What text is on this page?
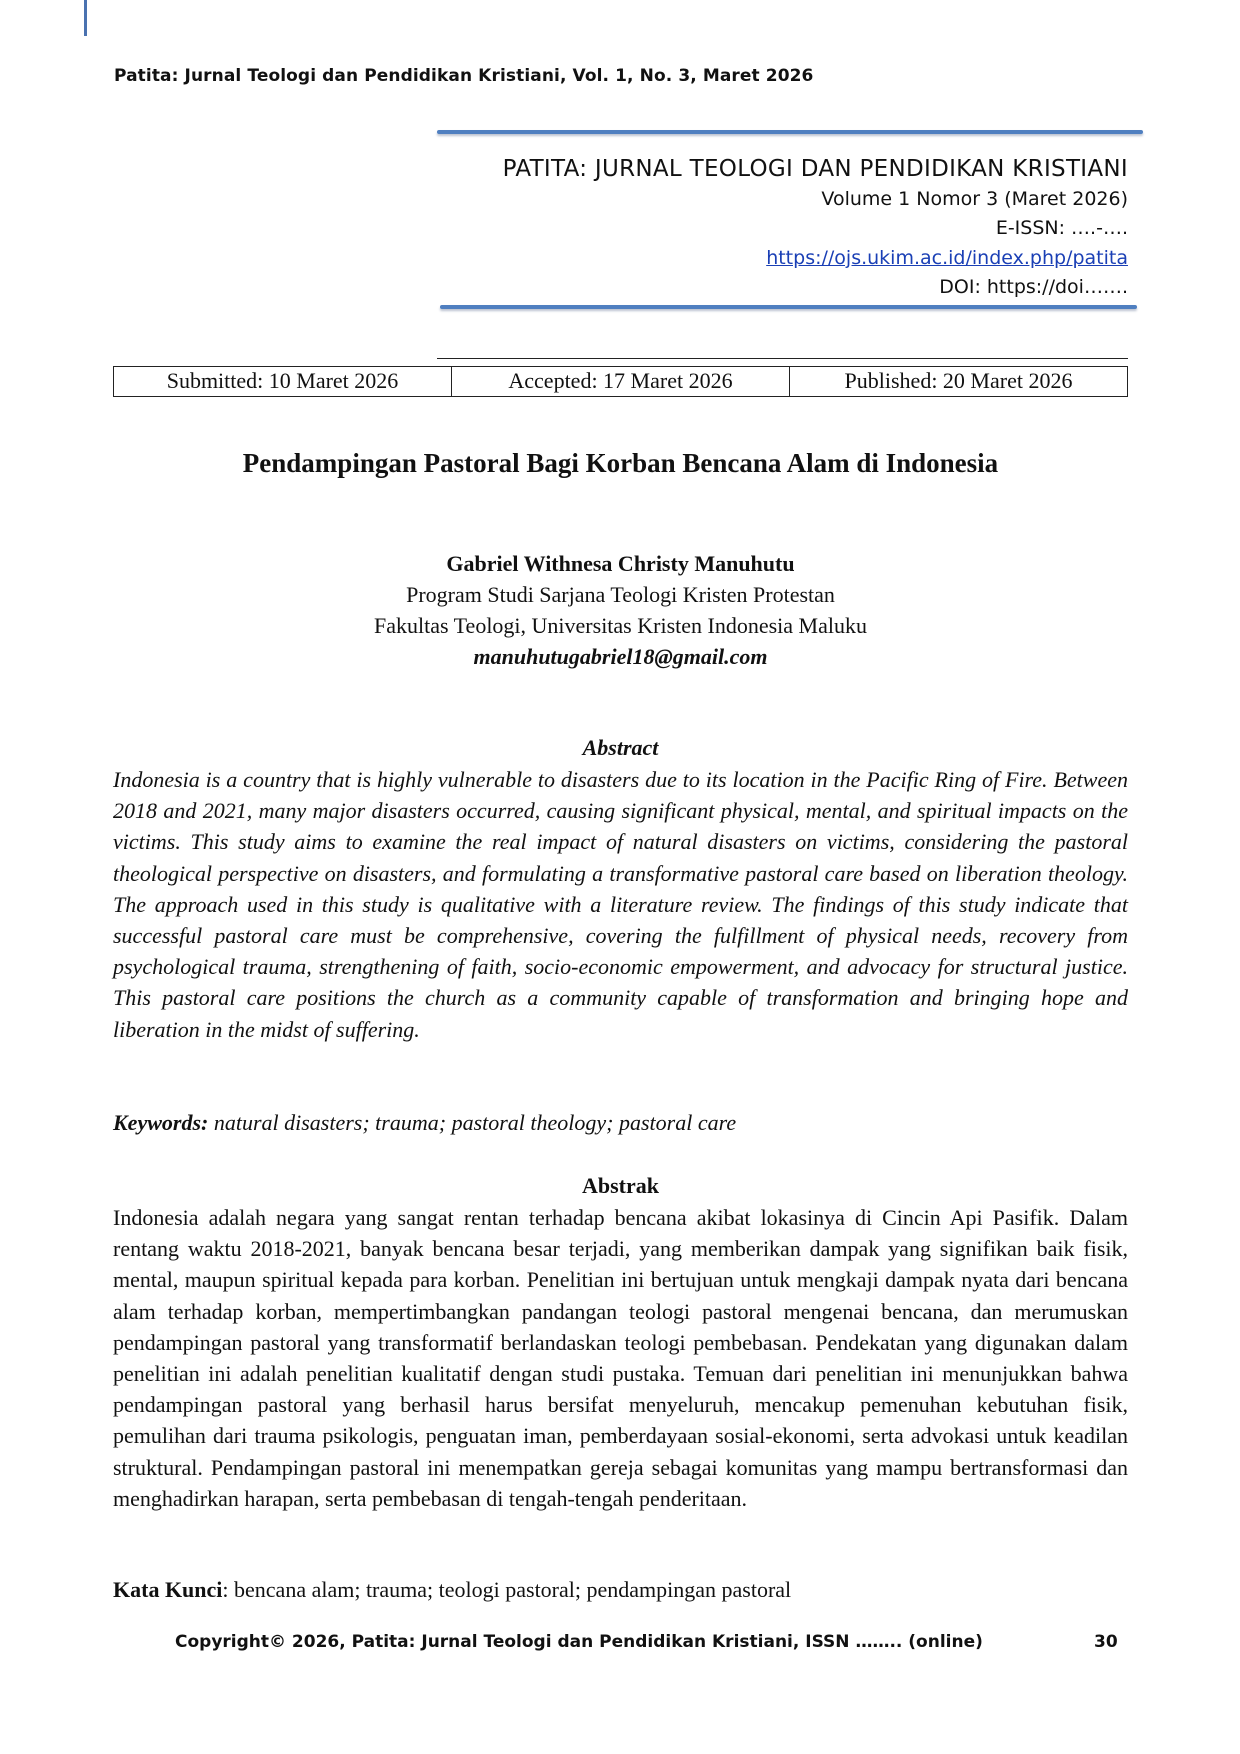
Patita: Jurnal Teologi dan Pendidikan Kristiani, Vol. 1, No. 3, Maret 2026
PATITA: JURNAL TEOLOGI DAN PENDIDIKAN KRISTIANI
Volume 1 Nomor 3 (Maret 2026)
E-ISSN: ….-….
https://ojs.ukim.ac.id/index.php/patita
DOI: https://doi…….
Submitted: 10 Maret 2026	Accepted: 17 Maret 2026	Published: 20 Maret 2026
Pendampingan Pastoral Bagi Korban Bencana Alam di Indonesia
Gabriel Withnesa Christy Manuhutu
Program Studi Sarjana Teologi Kristen Protestan
Fakultas Teologi, Universitas Kristen Indonesia Maluku
manuhutugabriel18@gmail.com
Abstract
Indonesia is a country that is highly vulnerable to disasters due to its location in the Pacific Ring of Fire. Between 2018 and 2021, many major disasters occurred, causing significant physical, mental, and spiritual impacts on the victims. This study aims to examine the real impact of natural disasters on victims, considering the pastoral theological perspective on disasters, and formulating a transformative pastoral care based on liberation theology. The approach used in this study is qualitative with a literature review. The findings of this study indicate that successful pastoral care must be comprehensive, covering the fulfillment of physical needs, recovery from psychological trauma, strengthening of faith, socio-economic empowerment, and advocacy for structural justice. This pastoral care positions the church as a community capable of transformation and bringing hope and liberation in the midst of suffering.
Keywords: natural disasters; trauma; pastoral theology; pastoral care
Abstrak
Indonesia adalah negara yang sangat rentan terhadap bencana akibat lokasinya di Cincin Api Pasifik. Dalam rentang waktu 2018-2021, banyak bencana besar terjadi, yang memberikan dampak yang signifikan baik fisik, mental, maupun spiritual kepada para korban. Penelitian ini bertujuan untuk mengkaji dampak nyata dari bencana alam terhadap korban, mempertimbangkan pandangan teologi pastoral mengenai bencana, dan merumuskan pendampingan pastoral yang transformatif berlandaskan teologi pembebasan. Pendekatan yang digunakan dalam penelitian ini adalah penelitian kualitatif dengan studi pustaka. Temuan dari penelitian ini menunjukkan bahwa pendampingan pastoral yang berhasil harus bersifat menyeluruh, mencakup pemenuhan kebutuhan fisik, pemulihan dari trauma psikologis, penguatan iman, pemberdayaan sosial-ekonomi, serta advokasi untuk keadilan struktural. Pendampingan pastoral ini menempatkan gereja sebagai komunitas yang mampu bertransformasi dan menghadirkan harapan, serta pembebasan di tengah-tengah penderitaan.
Kata Kunci: bencana alam; trauma; teologi pastoral; pendampingan pastoral
Copyright© 2026, Patita: Jurnal Teologi dan Pendidikan Kristiani, ISSN …….. (online)	30
